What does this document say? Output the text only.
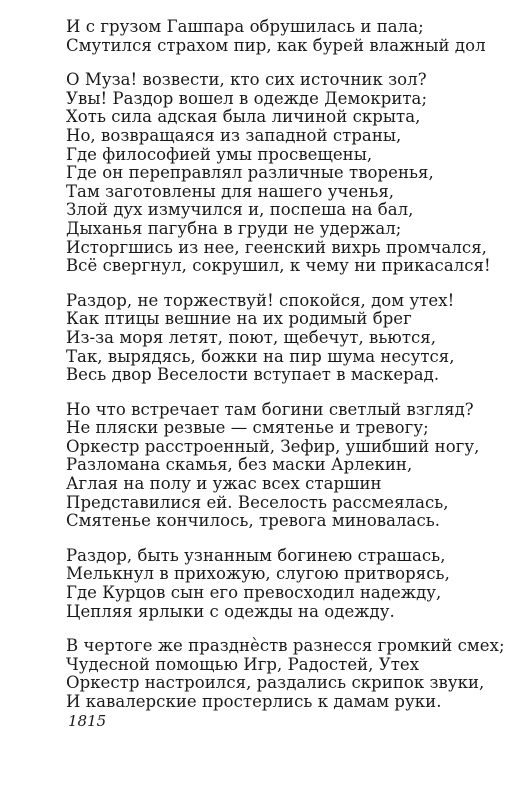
И с грузом Гашпара обрушилась и пала;
Смутился страхом пир, как бурей влажный дол
О Муза! возвести, кто сих источник зол?
Увы! Раздор вошел в одежде Демокрита;
Хоть сила адская была личиной скрыта,
Но, возвращаяся из западной страны,
Где философией умы просвещены,
Где он переправлял различные творенья,
Там заготовлены для нашего ученья,
Злой дух измучился и, поспеша на бал,
Дыханья пагубна в груди не удержал;
Исторгшись из нее, геенский вихрь промчался,
Всё свергнул, сокрушил, к чему ни прикасался!
Раздор, не торжествуй! спокойся, дом утех!
Как птицы вешние на их родимый брег
Из-за моря летят, поют, щебечут, вьются,
Так, вырядясь, божки на пир шума несутся,
Весь двор Веселости вступает в маскерад.
Но что встречает там богини светлый взгляд?
Не пляски резвые — смятенье и тревогу;
Оркестр расстроенный, Зефир, ушибший ногу,
Разломана скамья, без маски Арлекин,
Аглая на полу и ужас всех старшин
Представилися ей. Веселость рассмеялась,
Смятенье кончилось, тревога миновалась.
Раздор, быть узнанным богинею страшась,
Мелькнул в прихожую, слугою притворясь,
Где Курцов сын его превосходил надежду,
Цепляя ярлыки с одежды на одежду.
В чертоге же празднѐств разнесся громкий смех;
Чудесной помощью Игр, Радостей, Утех
Оркестр настроился, раздались скрипок звуки,
И кавалерские простерлись к дамам руки.
1815
